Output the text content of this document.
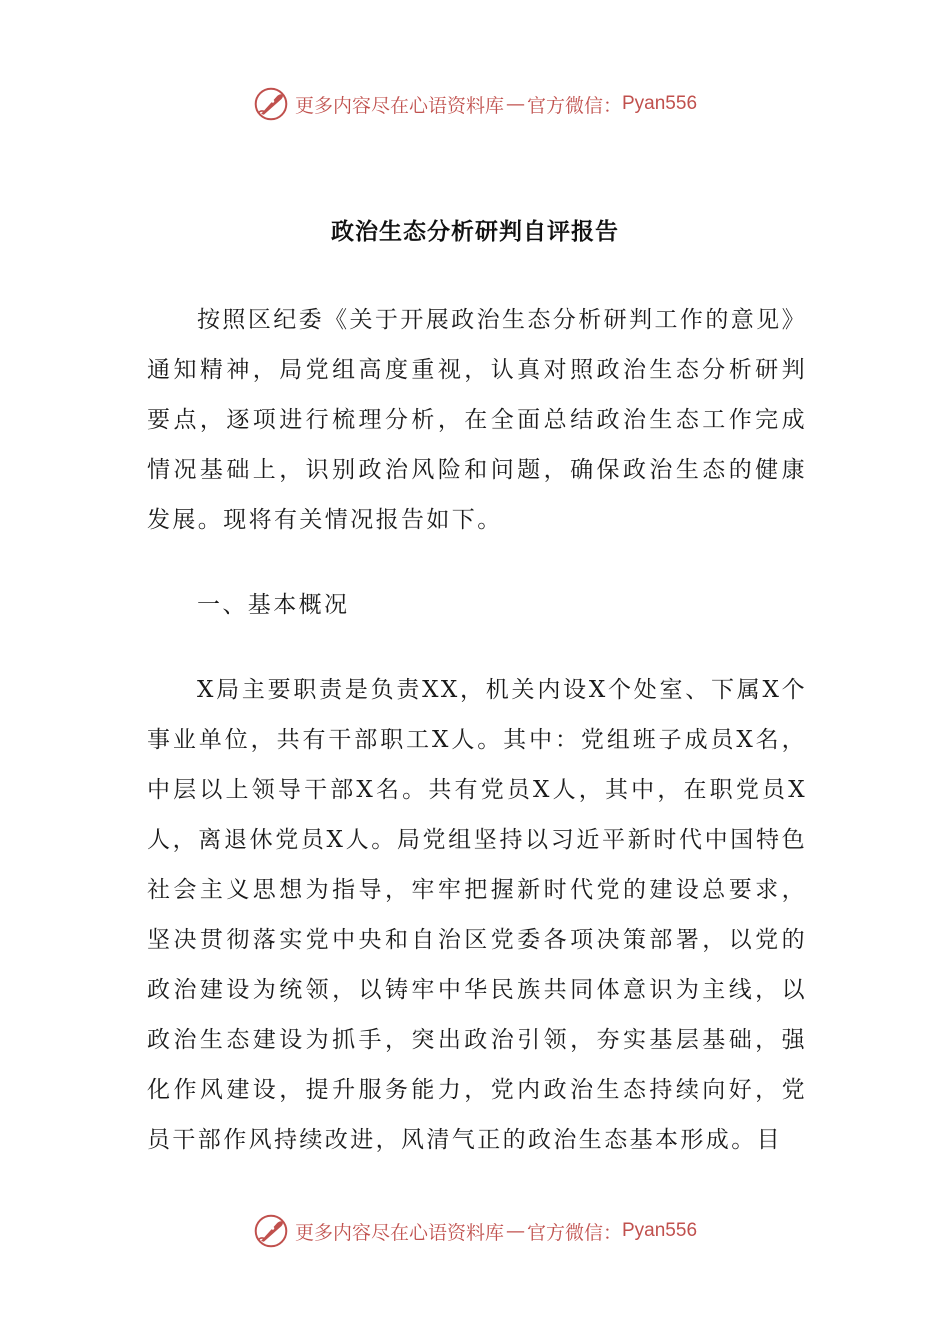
更多内容尽在心语资料库 — 官方微信： Pyan556
政治生态分析研判自评报告

按照区纪委《关于开展政治生态分析研判工作的意见》通知精神，局党组高度重视，认真对照政治生态分析研判要点，逐项进行梳理分析，在全面总结政治生态工作完成情况基础上，识别政治风险和问题，确保政治生态的健康发展。现将有关情况报告如下。

一、基本概况

X局主要职责是负责XX，机关内设X个处室、下属X个事业单位，共有干部职工X人。其中：党组班子成员X名，中层以上领导干部X名。共有党员X人，其中，在职党员X人，离退休党员X人。局党组坚持以习近平新时代中国特色社会主义思想为指导，牢牢把握新时代党的建设总要求，坚决贯彻落实党中央和自治区党委各项决策部署，以党的政治建设为统领，以铸牢中华民族共同体意识为主线，以政治生态建设为抓手，突出政治引领，夯实基层基础，强化作风建设，提升服务能力，党内政治生态持续向好，党员干部作风持续改进，风清气正的政治生态基本形成。目

更多内容尽在心语资料库 — 官方微信： Pyan556
